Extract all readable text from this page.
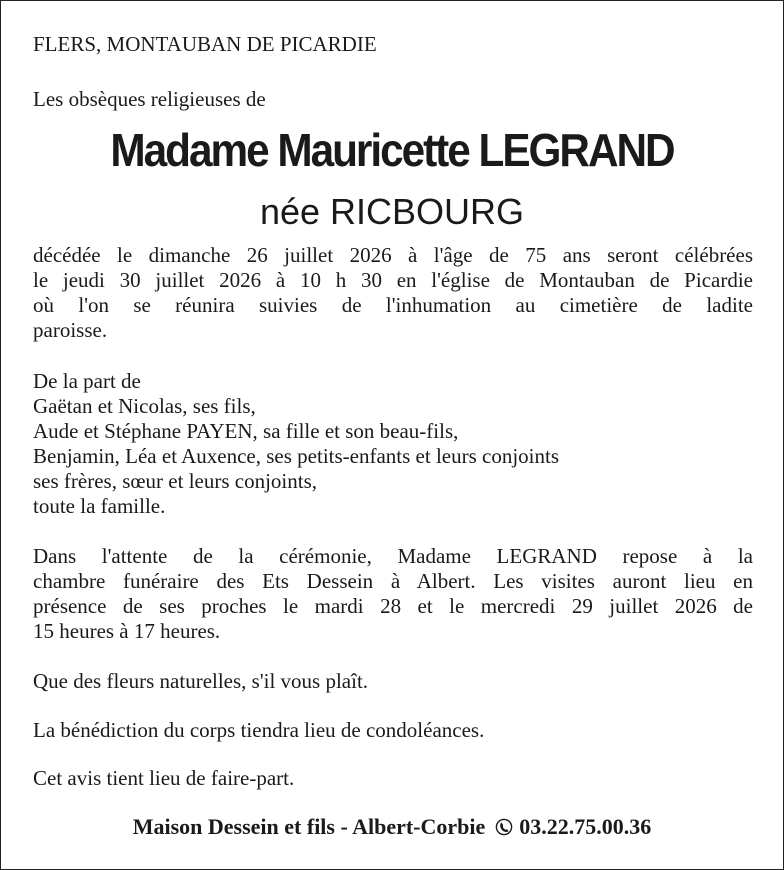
FLERS, MONTAUBAN DE PICARDIE

Les obsèques religieuses de

Madame Mauricette LEGRAND
née RICBOURG
décédée le dimanche 26 juillet 2026 à l'âge de 75 ans seront célébrées
le jeudi 30 juillet 2026 à 10 h 30 en l'église de Montauban de Picardie
où l'on se réunira suivies de l'inhumation au cimetière de ladite
paroisse.
De la part de
Gaëtan et Nicolas, ses fils,
Aude et Stéphane PAYEN, sa fille et son beau-fils,
Benjamin, Léa et Auxence, ses petits-enfants et leurs conjoints
ses frères, sœur et leurs conjoints,
toute la famille.
Dans l'attente de la cérémonie, Madame LEGRAND repose à la
chambre funéraire des Ets Dessein à Albert. Les visites auront lieu en
présence de ses proches le mardi 28 et le mercredi 29 juillet 2026 de
15 heures à 17 heures.

Que des fleurs naturelles, s'il vous plaît.

La bénédiction du corps tiendra lieu de condoléances.

Cet avis tient lieu de faire-part.

Maison Dessein et fils - Albert-Corbie 03.22.75.00.36
